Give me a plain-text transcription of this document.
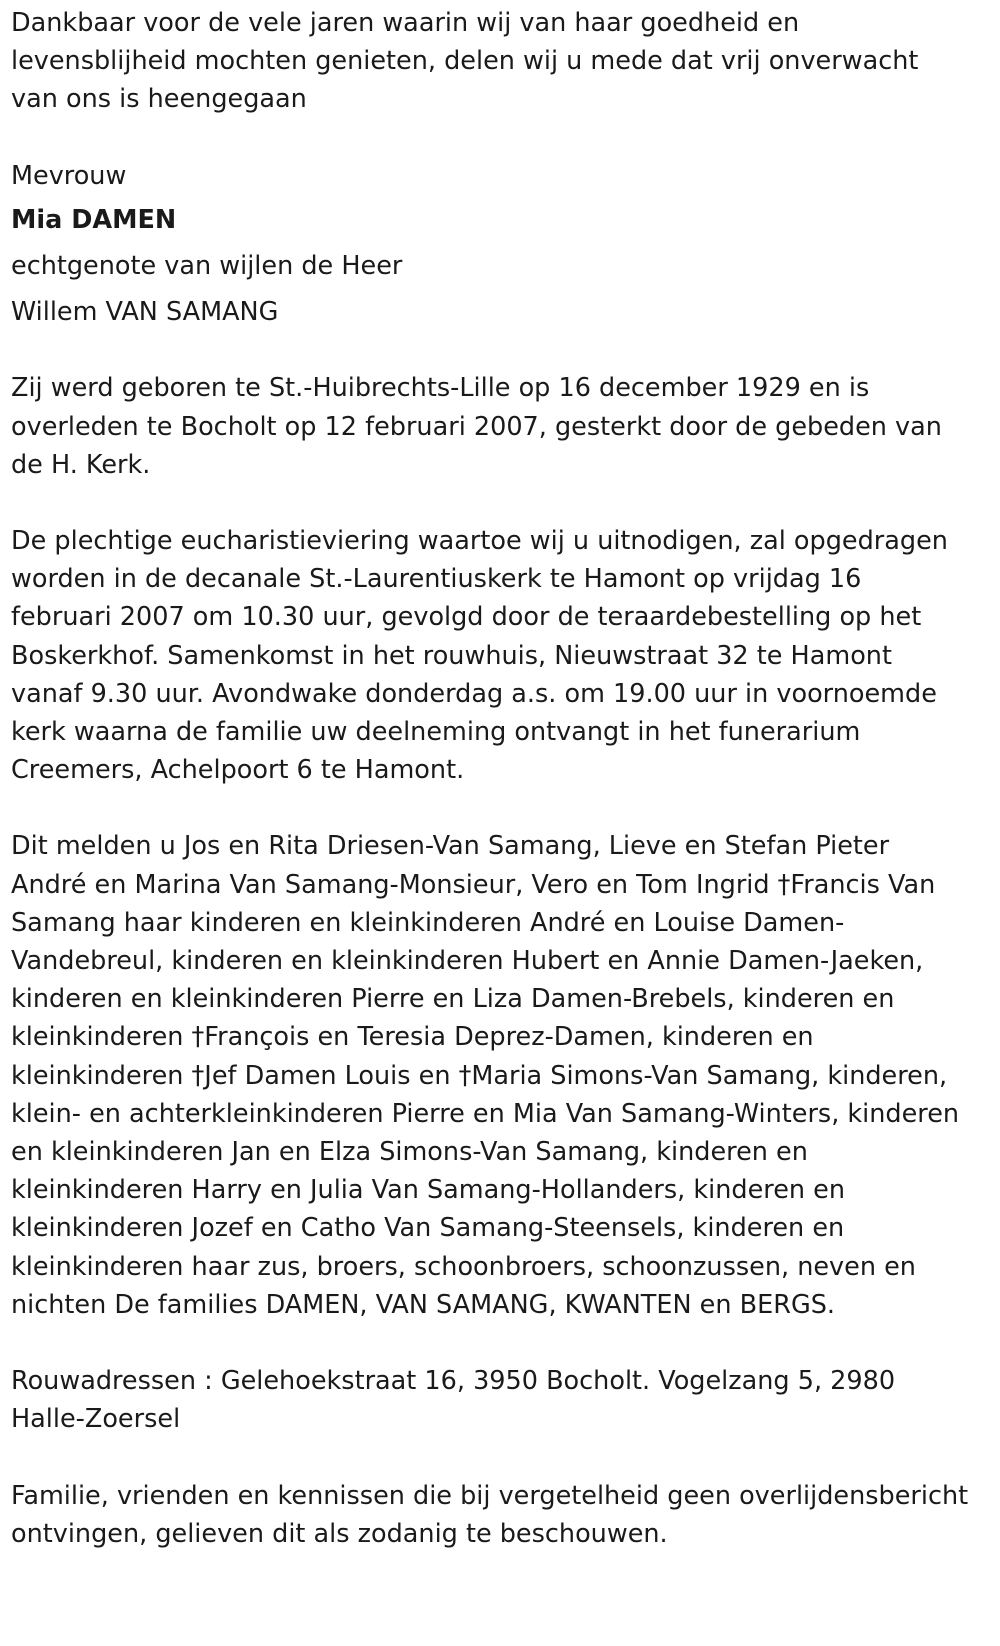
Dankbaar voor de vele jaren waarin wij van haar goedheid en levensblijheid mochten genieten, delen wij u mede dat vrij onverwacht van ons is heengegaan

Mevrouw

Mia DAMEN

echtgenote van wijlen de Heer

Willem VAN SAMANG

Zij werd geboren te St.-Huibrechts-Lille op 16 december 1929 en is overleden te Bocholt op 12 februari 2007, gesterkt door de gebeden van de H. Kerk.

De plechtige eucharistieviering waartoe wij u uitnodigen, zal opgedragen worden in de decanale St.-Laurentiuskerk te Hamont op vrijdag 16 februari 2007 om 10.30 uur, gevolgd door de teraardebestelling op het Boskerkhof. Samenkomst in het rouwhuis, Nieuwstraat 32 te Hamont vanaf 9.30 uur. Avondwake donderdag a.s. om 19.00 uur in voornoemde kerk waarna de familie uw deelneming ontvangt in het funerarium Creemers, Achelpoort 6 te Hamont.

Dit melden u Jos en Rita Driesen-Van Samang, Lieve en Stefan Pieter André en Marina Van Samang-Monsieur, Vero en Tom Ingrid †Francis Van Samang haar kinderen en kleinkinderen André en Louise Damen-Vandebreul, kinderen en kleinkinderen Hubert en Annie Damen-Jaeken, kinderen en kleinkinderen Pierre en Liza Damen-Brebels, kinderen en kleinkinderen †François en Teresia Deprez-Damen, kinderen en kleinkinderen †Jef Damen Louis en †Maria Simons-Van Samang, kinderen, klein- en achterkleinkinderen Pierre en Mia Van Samang-Winters, kinderen en kleinkinderen Jan en Elza Simons-Van Samang, kinderen en kleinkinderen Harry en Julia Van Samang-Hollanders, kinderen en kleinkinderen Jozef en Catho Van Samang-Steensels, kinderen en kleinkinderen haar zus, broers, schoonbroers, schoonzussen, neven en nichten De families DAMEN, VAN SAMANG, KWANTEN en BERGS.

Rouwadressen : Gelehoekstraat 16, 3950 Bocholt. Vogelzang 5, 2980 Halle-Zoersel

Familie, vrienden en kennissen die bij vergetelheid geen overlijdensbericht ontvingen, gelieven dit als zodanig te beschouwen.
